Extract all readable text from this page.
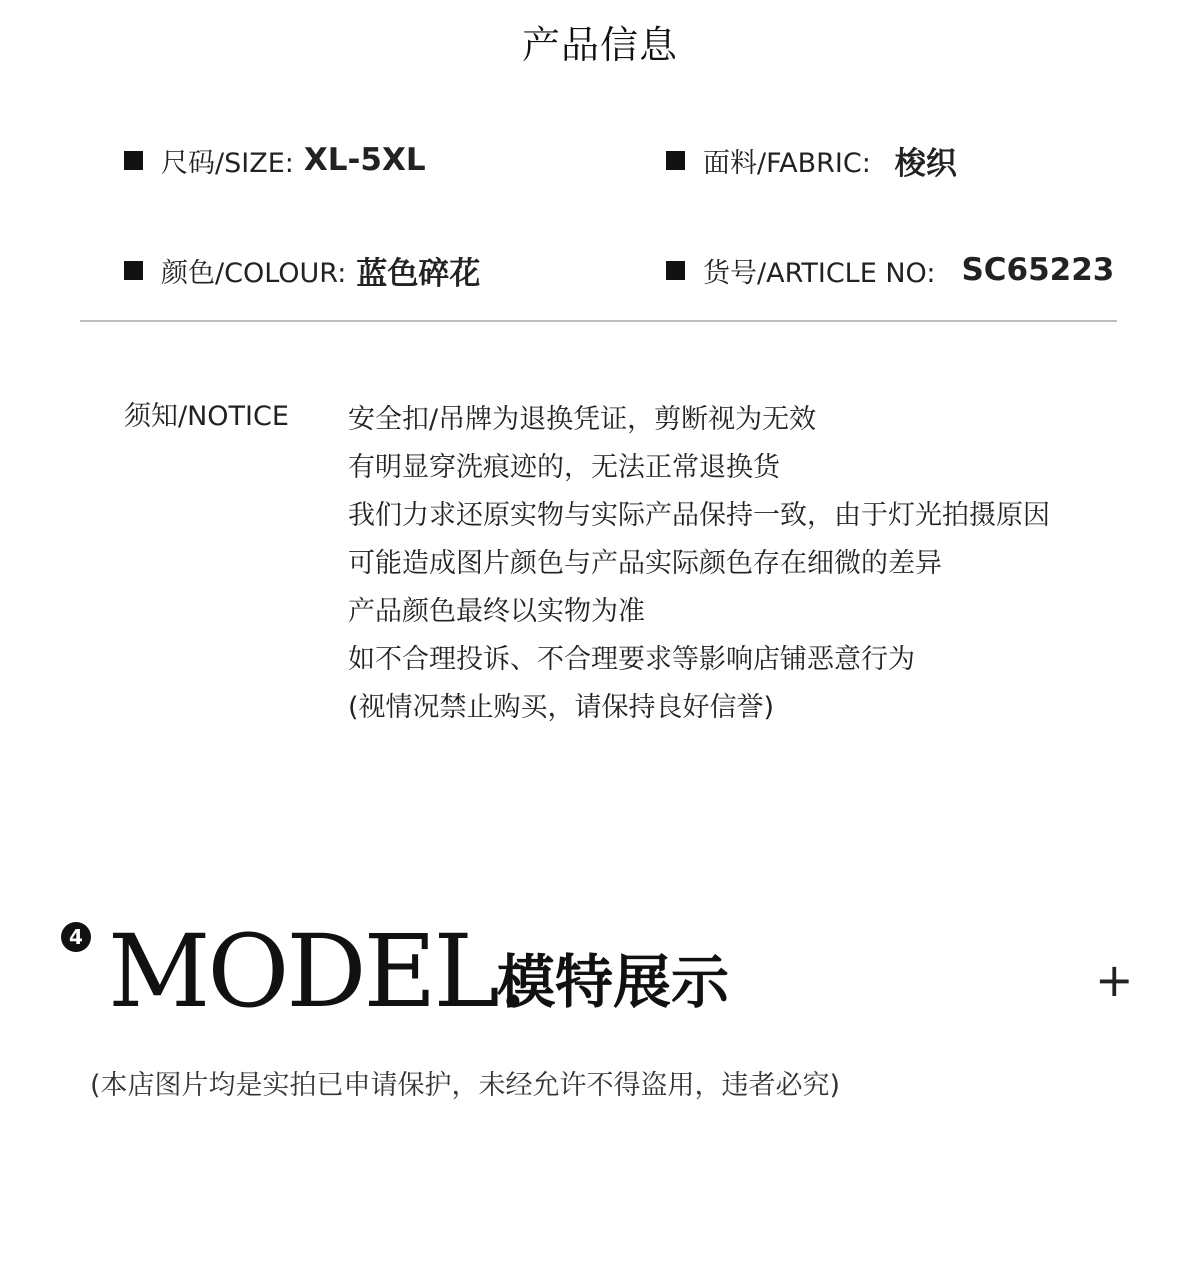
产品信息
尺码/SIZE: XL-5XL	面料/FABRIC: 梭织
颜色/COLOUR: 蓝色碎花	货号/ARTICLE NO: SC65223
须知/NOTICE 安全扣/吊牌为退换凭证，剪断视为无效
有明显穿洗痕迹的，无法正常退换货
我们力求还原实物与实际产品保持一致，由于灯光拍摄原因
可能造成图片颜色与产品实际颜色存在细微的差异
产品颜色最终以实物为准
如不合理投诉、不合理要求等影响店铺恶意行为
(视情况禁止购买，请保持良好信誉)
4 MODEL.
模特展示	+
(本店图片均是实拍已申请保护，未经允许不得盗用，违者必究)
